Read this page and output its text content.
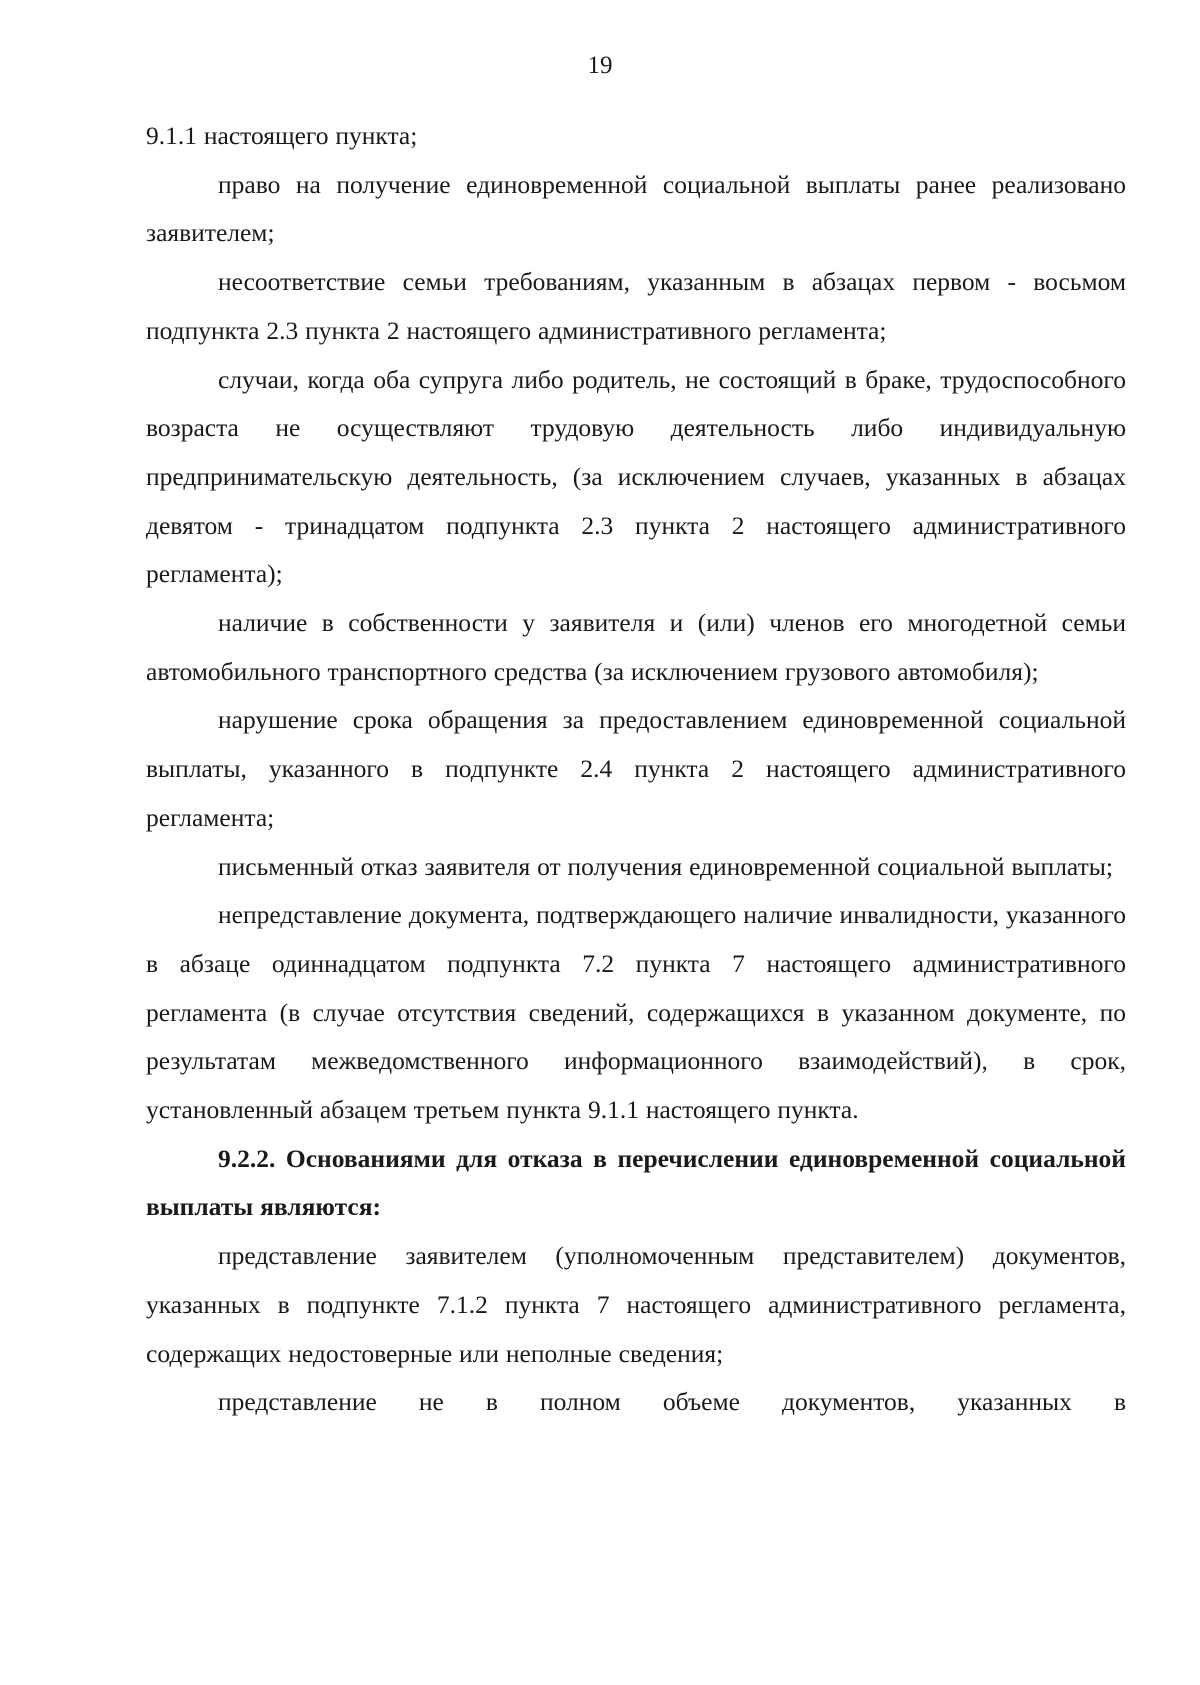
19

9.1.1 настоящего пункта;

право на получение единовременной социальной выплаты ранее реализовано заявителем;

несоответствие семьи требованиям, указанным в абзацах первом - восьмом подпункта 2.3 пункта 2 настоящего административного регламента;

случаи, когда оба супруга либо родитель, не состоящий в браке, трудоспособного возраста не осуществляют трудовую деятельность либо индивидуальную предпринимательскую деятельность, (за исключением случаев, указанных в абзацах девятом - тринадцатом подпункта 2.3 пункта 2 настоящего административного регламента);

наличие в собственности у заявителя и (или) членов его многодетной семьи автомобильного транспортного средства (за исключением грузового автомобиля);

нарушение срока обращения за предоставлением единовременной социальной выплаты, указанного в подпункте 2.4 пункта 2 настоящего административного регламента;

письменный отказ заявителя от получения единовременной социальной выплаты;

непредставление документа, подтверждающего наличие инвалидности, указанного в абзаце одиннадцатом подпункта 7.2 пункта 7 настоящего административного регламента (в случае отсутствия сведений, содержащихся в указанном документе, по результатам межведомственного информационного взаимодействий), в срок, установленный абзацем третьем пункта 9.1.1 настоящего пункта.

9.2.2. Основаниями для отказа в перечислении единовременной социальной выплаты являются:

представление заявителем (уполномоченным представителем) документов, указанных в подпункте 7.1.2 пункта 7 настоящего административного регламента, содержащих недостоверные или неполные сведения;

представление не в полном объеме документов, указанных в
